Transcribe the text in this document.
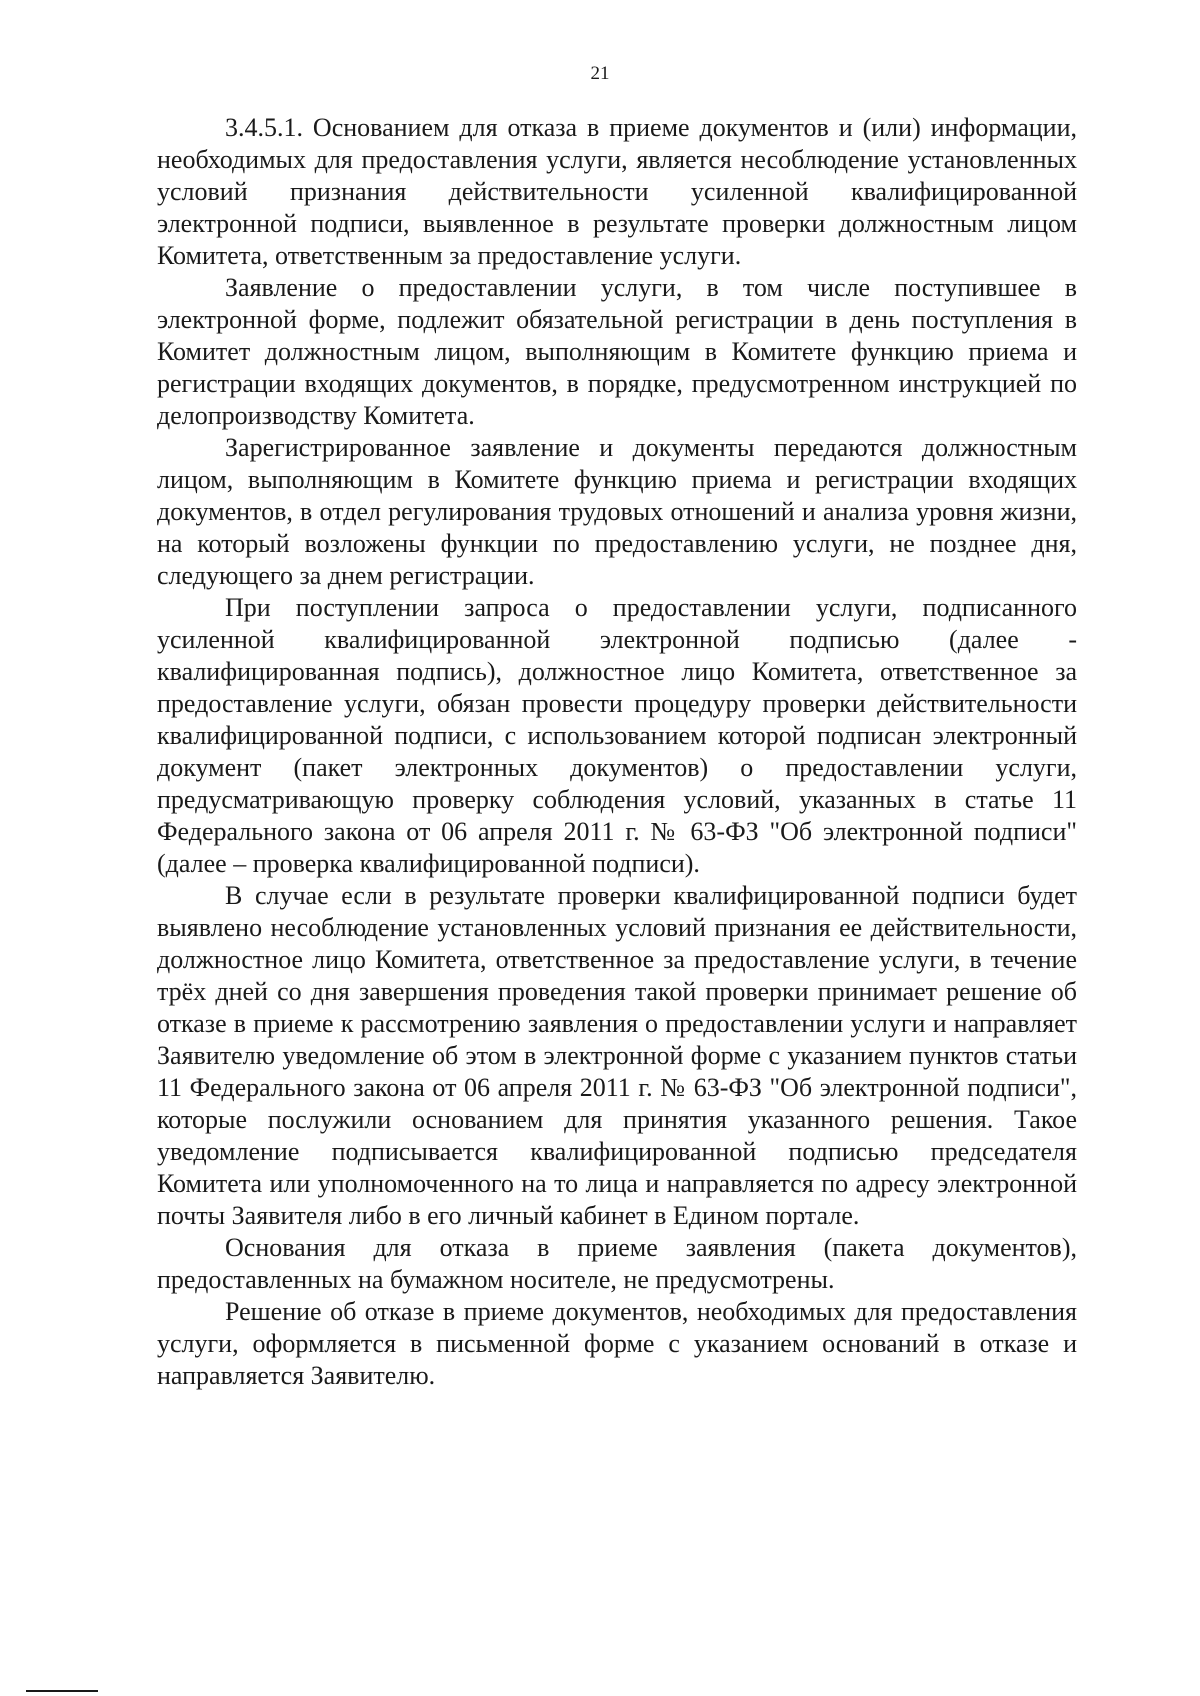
21

3.4.5.1. Основанием для отказа в приеме документов и (или) информации, необходимых для предоставления услуги, является несоблюдение установленных условий признания действительности усиленной квалифицированной электронной подписи, выявленное в результате проверки должностным лицом Комитета, ответственным за предоставление услуги.

Заявление о предоставлении услуги, в том числе поступившее в электронной форме, подлежит обязательной регистрации в день поступления в Комитет должностным лицом, выполняющим в Комитете функцию приема и регистрации входящих документов, в порядке, предусмотренном инструкцией по делопроизводству Комитета.

Зарегистрированное заявление и документы передаются должностным лицом, выполняющим в Комитете функцию приема и регистрации входящих документов, в отдел регулирования трудовых отношений и анализа уровня жизни, на который возложены функции по предоставлению услуги, не позднее дня, следующего за днем регистрации.

При поступлении запроса о предоставлении услуги, подписанного усиленной квалифицированной электронной подписью (далее - квалифицированная подпись), должностное лицо Комитета, ответственное за предоставление услуги, обязан провести процедуру проверки действительности квалифицированной подписи, с использованием которой подписан электронный документ (пакет электронных документов) о предоставлении услуги, предусматривающую проверку соблюдения условий, указанных в статье 11 Федерального закона от 06 апреля 2011 г. № 63-ФЗ "Об электронной подписи" (далее – проверка квалифицированной подписи).

В случае если в результате проверки квалифицированной подписи будет выявлено несоблюдение установленных условий признания ее действительности, должностное лицо Комитета, ответственное за предоставление услуги, в течение трёх дней со дня завершения проведения такой проверки принимает решение об отказе в приеме к рассмотрению заявления о предоставлении услуги и направляет Заявителю уведомление об этом в электронной форме с указанием пунктов статьи 11 Федерального закона от 06 апреля 2011 г. № 63-ФЗ "Об электронной подписи", которые послужили основанием для принятия указанного решения. Такое уведомление подписывается квалифицированной подписью председателя Комитета или уполномоченного на то лица и направляется по адресу электронной почты Заявителя либо в его личный кабинет в Едином портале.

Основания для отказа в приеме заявления (пакета документов), предоставленных на бумажном носителе, не предусмотрены.

Решение об отказе в приеме документов, необходимых для предоставления услуги, оформляется в письменной форме с указанием оснований в отказе и направляется Заявителю.
